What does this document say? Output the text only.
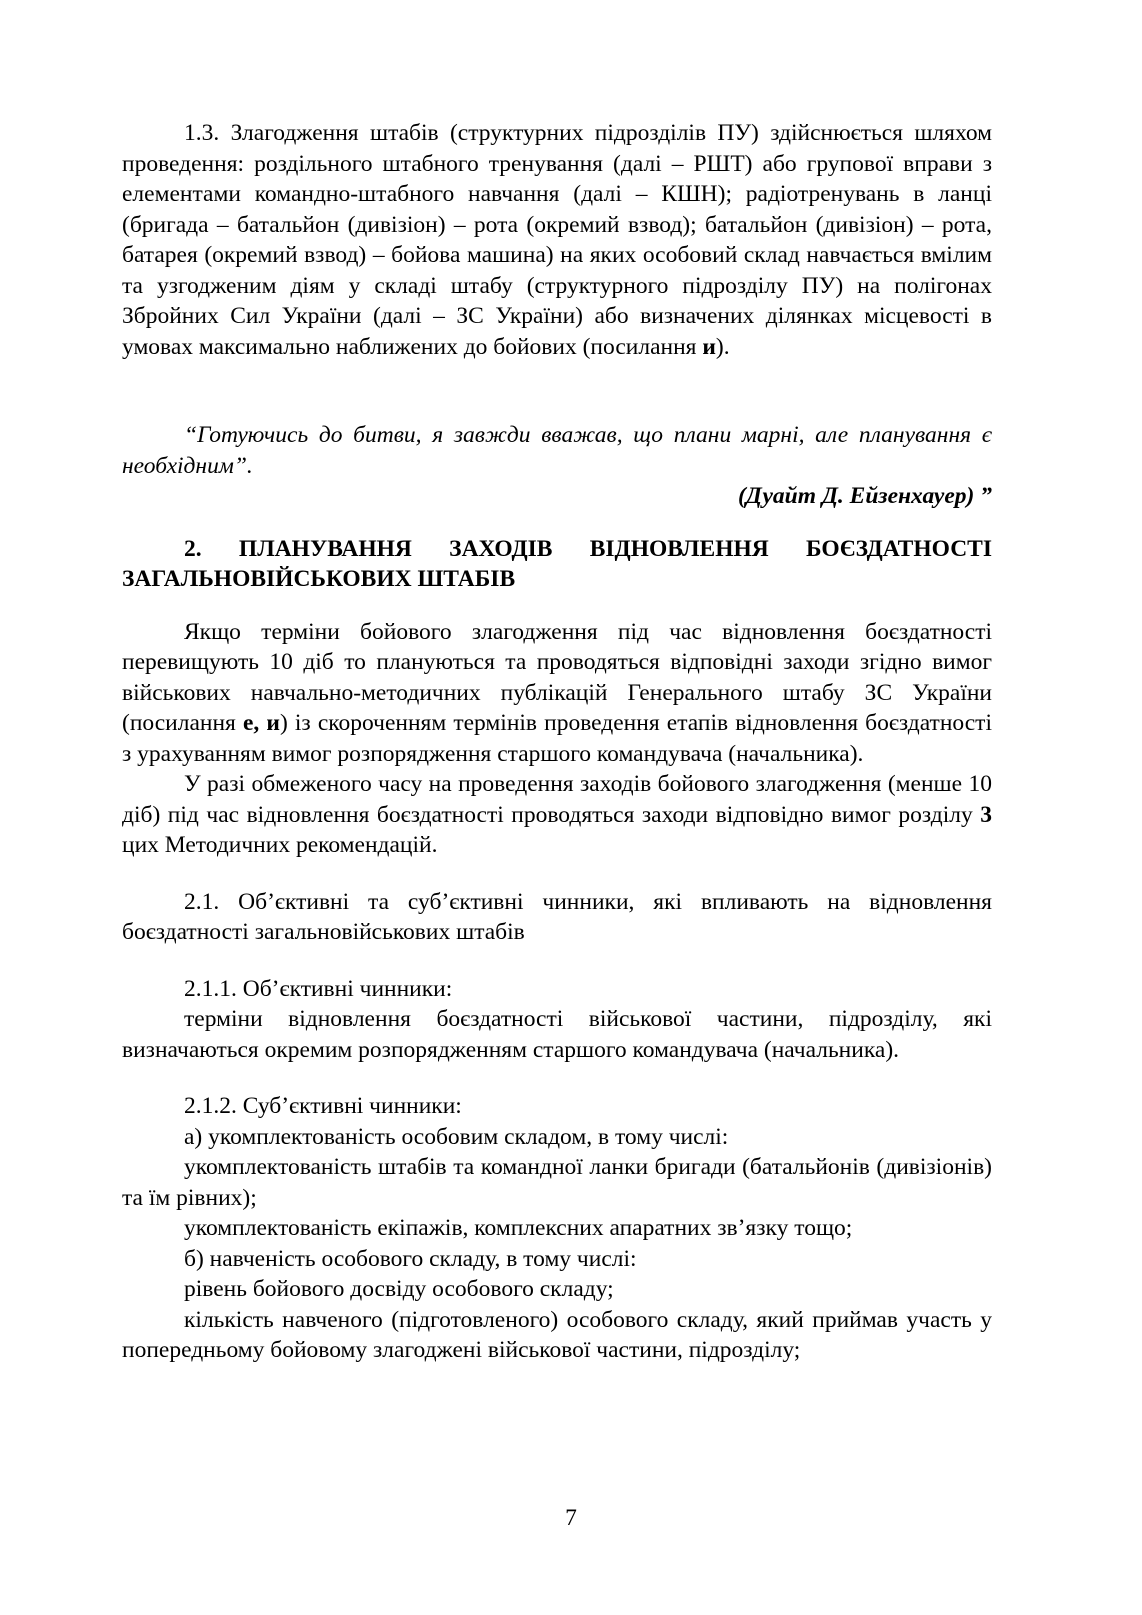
1.3. Злагодження штабів (структурних підрозділів ПУ) здійснюється шляхом проведення: роздільного штабного тренування (далі – РШТ) або групової вправи з елементами командно-штабного навчання (далі – КШН); радіотренувань в ланці (бригада – батальйон (дивізіон) – рота (окремий взвод); батальйон (дивізіон) – рота, батарея (окремий взвод) – бойова машина) на яких особовий склад навчається вмілим та узгодженим діям у складі штабу (структурного підрозділу ПУ) на полігонах Збройних Сил України (далі – ЗС України) або визначених ділянках місцевості в умовах максимально наближених до бойових (посилання и).

“Готуючись до битви, я завжди вважав, що плани марні, але планування є необхідним”.

(Дуайт Д. Ейзенхауер) ”

2. ПЛАНУВАННЯ ЗАХОДІВ ВІДНОВЛЕННЯ БОЄЗДАТНОСТІ ЗАГАЛЬНОВІЙСЬКОВИХ ШТАБІВ

Якщо терміни бойового злагодження під час відновлення боєздатності перевищують 10 діб то плануються та проводяться відповідні заходи згідно вимог військових навчально-методичних публікацій Генерального штабу ЗС України (посилання е, и) із скороченням термінів проведення етапів відновлення боєздатності з урахуванням вимог розпорядження старшого командувача (начальника).

У разі обмеженого часу на проведення заходів бойового злагодження (менше 10 діб) під час відновлення боєздатності проводяться заходи відповідно вимог розділу 3 цих Методичних рекомендацій.

2.1. Об’єктивні та суб’єктивні чинники, які впливають на відновлення боєздатності загальновійськових штабів

2.1.1. Об’єктивні чинники:

терміни відновлення боєздатності військової частини, підрозділу, які визначаються окремим розпорядженням старшого командувача (начальника).

2.1.2. Суб’єктивні чинники:

а) укомплектованість особовим складом, в тому числі:

укомплектованість штабів та командної ланки бригади (батальйонів (дивізіонів) та їм рівних);

укомплектованість екіпажів, комплексних апаратних зв’язку тощо;

б) навченість особового складу, в тому числі:

рівень бойового досвіду особового складу;

кількість навченого (підготовленого) особового складу, який приймав участь у попередньому бойовому злагоджені військової частини, підрозділу;

7
